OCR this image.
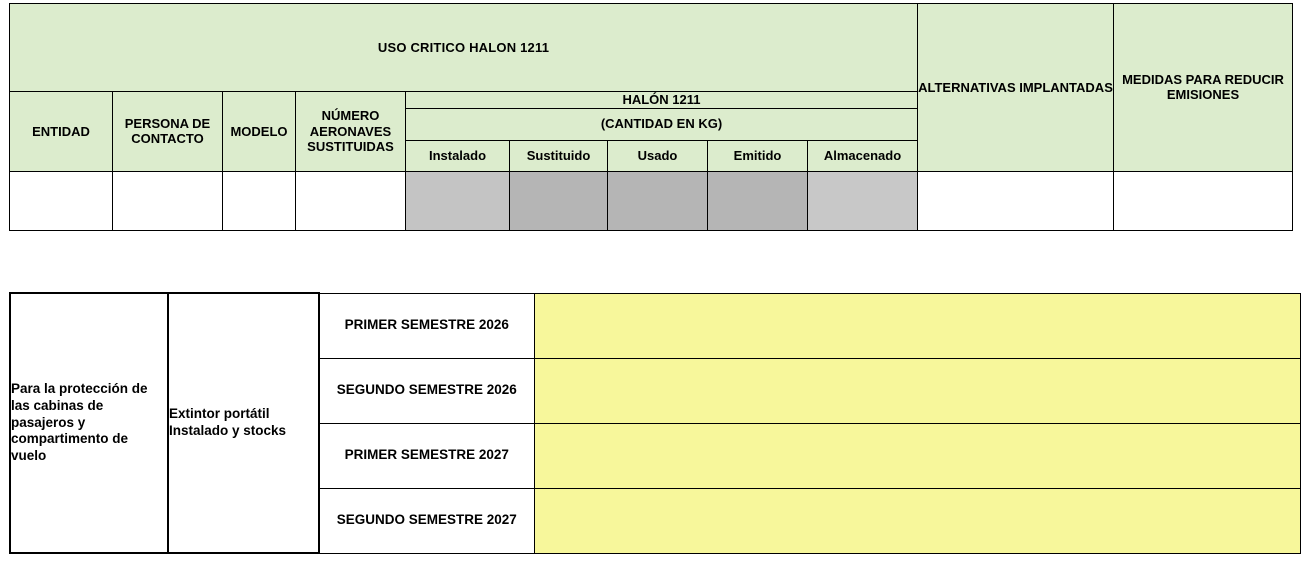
USO CRITICO HALON 1211									ALTERNATIVAS IMPLANTADAS	MEDIDAS PARA REDUCIR EMISIONES
ENTIDAD	PERSONA DE CONTACTO	MODELO	NÚMERO AERONAVES SUSTITUIDAS	HALÓN 1211						
				(CANTIDAD EN KG)						
				Instalado	Sustituido	Usado	Emitido	Almacenado		

Para la protección de las cabinas de pasajeros y compartimento de vuelo	Extintor portátil Instalado y stocks	PRIMER SEMESTRE 2026	
		SEGUNDO SEMESTRE 2026	
		PRIMER SEMESTRE 2027	
		SEGUNDO SEMESTRE 2027	
